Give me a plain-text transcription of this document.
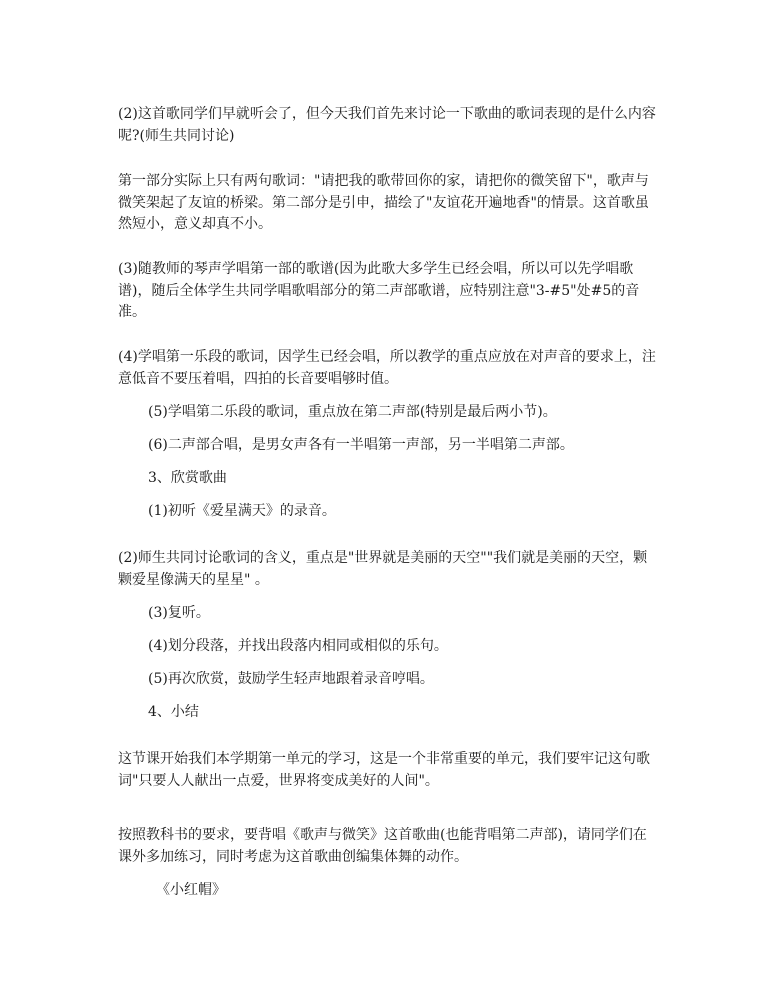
(2)这首歌同学们早就听会了，但今天我们首先来讨论一下歌曲的歌词表现的是什么内容呢?(师生共同讨论)

第一部分实际上只有两句歌词："请把我的歌带回你的家，请把你的微笑留下"，歌声与微笑架起了友谊的桥梁。第二部分是引申，描绘了"友谊花开遍地香"的情景。这首歌虽然短小，意义却真不小。

(3)随教师的琴声学唱第一部的歌谱(因为此歌大多学生已经会唱，所以可以先学唱歌谱)，随后全体学生共同学唱歌唱部分的第二声部歌谱，应特别注意"3-#5"处#5的音准。

(4)学唱第一乐段的歌词，因学生已经会唱，所以教学的重点应放在对声音的要求上，注意低音不要压着唱，四拍的长音要唱够时值。

(5)学唱第二乐段的歌词，重点放在第二声部(特别是最后两小节)。

(6)二声部合唱，是男女声各有一半唱第一声部，另一半唱第二声部。

3、欣赏歌曲

(1)初听《爱星满天》的录音。

(2)师生共同讨论歌词的含义，重点是"世界就是美丽的天空""我们就是美丽的天空，颗颗爱星像满天的星星" 。

(3)复听。

(4)划分段落，并找出段落内相同或相似的乐句。

(5)再次欣赏，鼓励学生轻声地跟着录音哼唱。

4、小结

这节课开始我们本学期第一单元的学习，这是一个非常重要的单元，我们要牢记这句歌词"只要人人献出一点爱，世界将变成美好的人间"。

按照教科书的要求，要背唱《歌声与微笑》这首歌曲(也能背唱第二声部)，请同学们在课外多加练习，同时考虑为这首歌曲创编集体舞的动作。

《小红帽》
